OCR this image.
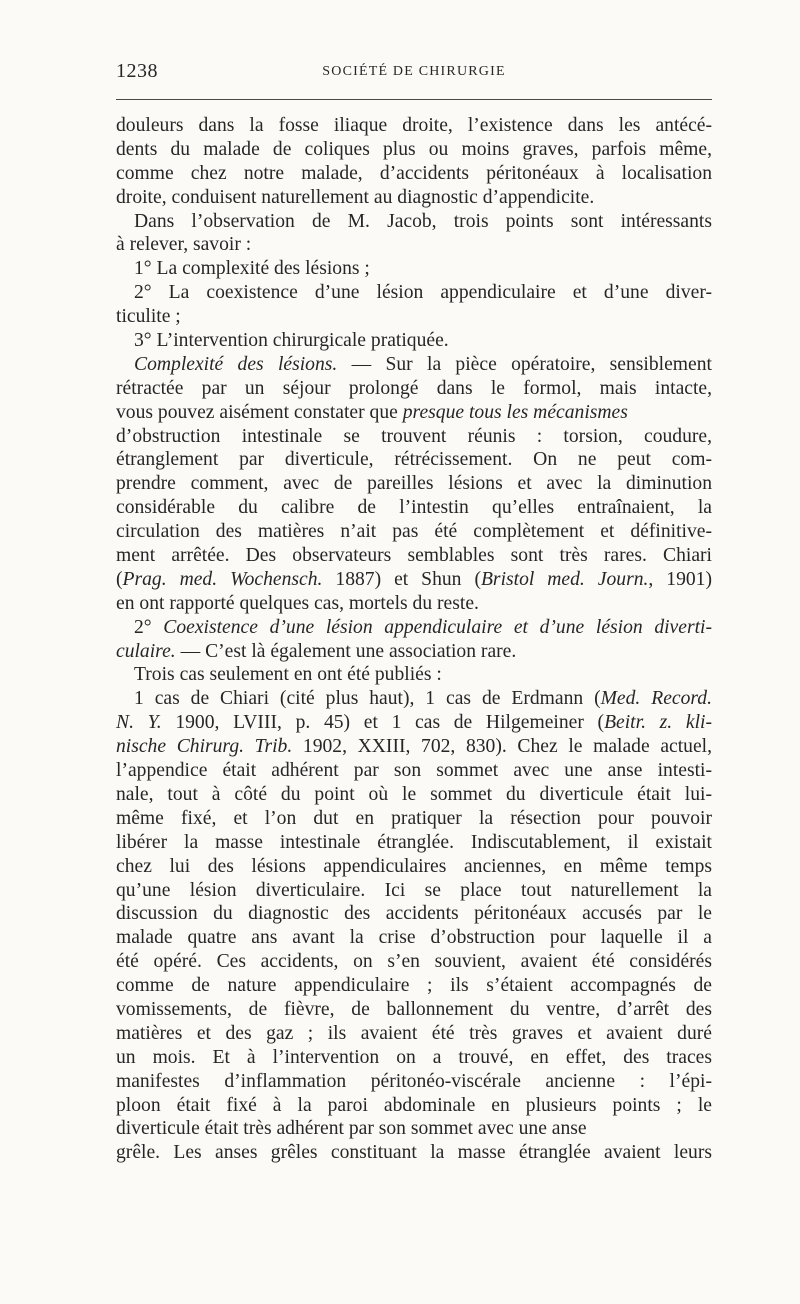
1238	SOCIÉTÉ DE CHIRURGIE
douleurs dans la fosse iliaque droite, l’existence dans les antécé-
dents du malade de coliques plus ou moins graves, parfois même,
comme chez notre malade, d’accidents péritonéaux à localisation
droite, conduisent naturellement au diagnostic d’appendicite.
Dans l’observation de M. Jacob, trois points sont intéressants
à relever, savoir :
1° La complexité des lésions ;
2° La coexistence d’une lésion appendiculaire et d’une diver-
ticulite ;
3° L’intervention chirurgicale pratiquée.
Complexité des lésions. — Sur la pièce opératoire, sensiblement
rétractée par un séjour prolongé dans le formol, mais intacte,
vous pouvez aisément constater que presque tous les mécanismes
d’obstruction intestinale se trouvent réunis : torsion, coudure,
étranglement par diverticule, rétrécissement. On ne peut com-
prendre comment, avec de pareilles lésions et avec la diminution
considérable du calibre de l’intestin qu’elles entraînaient, la
circulation des matières n’ait pas été complètement et définitive-
ment arrêtée. Des observateurs semblables sont très rares. Chiari
(Prag. med. Wochensch. 1887) et Shun (Bristol med. Journ., 1901)
en ont rapporté quelques cas, mortels du reste.
2° Coexistence d’une lésion appendiculaire et d’une lésion diverti-
culaire. — C’est là également une association rare.
Trois cas seulement en ont été publiés :
1 cas de Chiari (cité plus haut), 1 cas de Erdmann (Med. Record.
N. Y. 1900, LVIII, p. 45) et 1 cas de Hilgemeiner (Beitr. z. kli-
nische Chirurg. Trib. 1902, XXIII, 702, 830). Chez le malade actuel,
l’appendice était adhérent par son sommet avec une anse intesti-
nale, tout à côté du point où le sommet du diverticule était lui-
même fixé, et l’on dut en pratiquer la résection pour pouvoir
libérer la masse intestinale étranglée. Indiscutablement, il existait
chez lui des lésions appendiculaires anciennes, en même temps
qu’une lésion diverticulaire. Ici se place tout naturellement la
discussion du diagnostic des accidents péritonéaux accusés par le
malade quatre ans avant la crise d’obstruction pour laquelle il a
été opéré. Ces accidents, on s’en souvient, avaient été considérés
comme de nature appendiculaire ; ils s’étaient accompagnés de
vomissements, de fièvre, de ballonnement du ventre, d’arrêt des
matières et des gaz ; ils avaient été très graves et avaient duré
un mois. Et à l’intervention on a trouvé, en effet, des traces
manifestes d’inflammation péritonéo-viscérale ancienne : l’épi-
ploon était fixé à la paroi abdominale en plusieurs points ; le
diverticule était très adhérent par son sommet avec une anse
grêle. Les anses grêles constituant la masse étranglée avaient leurs
